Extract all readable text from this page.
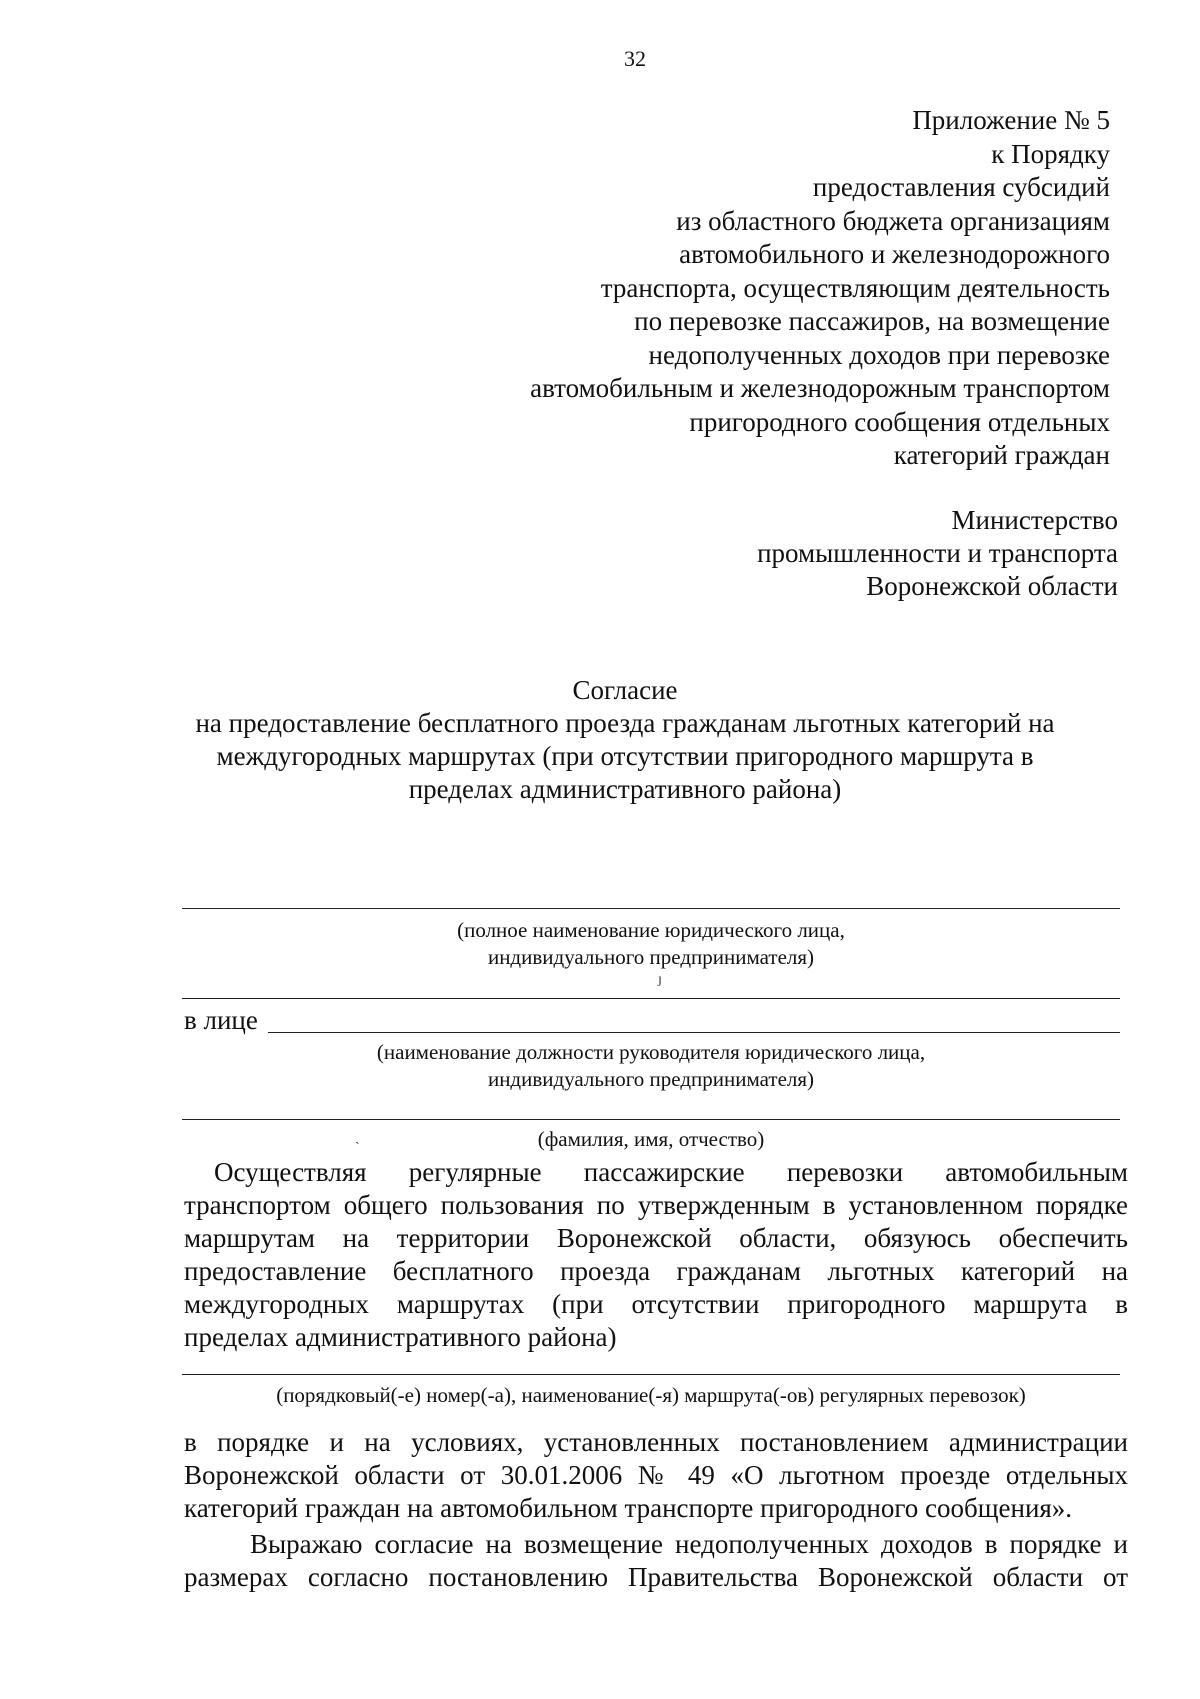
32

Приложение № 5
к Порядку
предоставления субсидий
из областного бюджета организациям
автомобильного и железнодорожного
транспорта, осуществляющим деятельность
по перевозке пассажиров, на возмещение
недополученных доходов при перевозке
автомобильным и железнодорожным транспортом
пригородного сообщения отдельных
категорий граждан
Министерство
промышленности и транспорта
Воронежской области
Согласие
на предоставление бесплатного проезда гражданам льготных категорий на
междугородных маршрутах (при отсутствии пригородного маршрута в
пределах административного района)
(полное наименование юридического лица,
индивидуального предпринимателя)
ȷ
в лице
(наименование должности руководителя юридического лица,
индивидуального предпринимателя)
ˏ	(фамилия, имя, отчество)
Осуществляя регулярные пассажирские перевозки автомобильным
транспортом общего пользования по утвержденным в установленном порядке
маршрутам на территории Воронежской области, обязуюсь обеспечить
предоставление бесплатного проезда гражданам льготных категорий на
междугородных маршрутах (при отсутствии пригородного маршрута в
пределах административного района)
(порядковый(-е) номер(-а), наименование(-я) маршрута(-ов) регулярных перевозок)
в порядке и на условиях, установленных постановлением администрации
Воронежской области от 30.01.2006 № 49 «О льготном проезде отдельных
категорий граждан на автомобильном транспорте пригородного сообщения».
Выражаю согласие на возмещение недополученных доходов в порядке и
размерах согласно постановлению Правительства Воронежской области от
